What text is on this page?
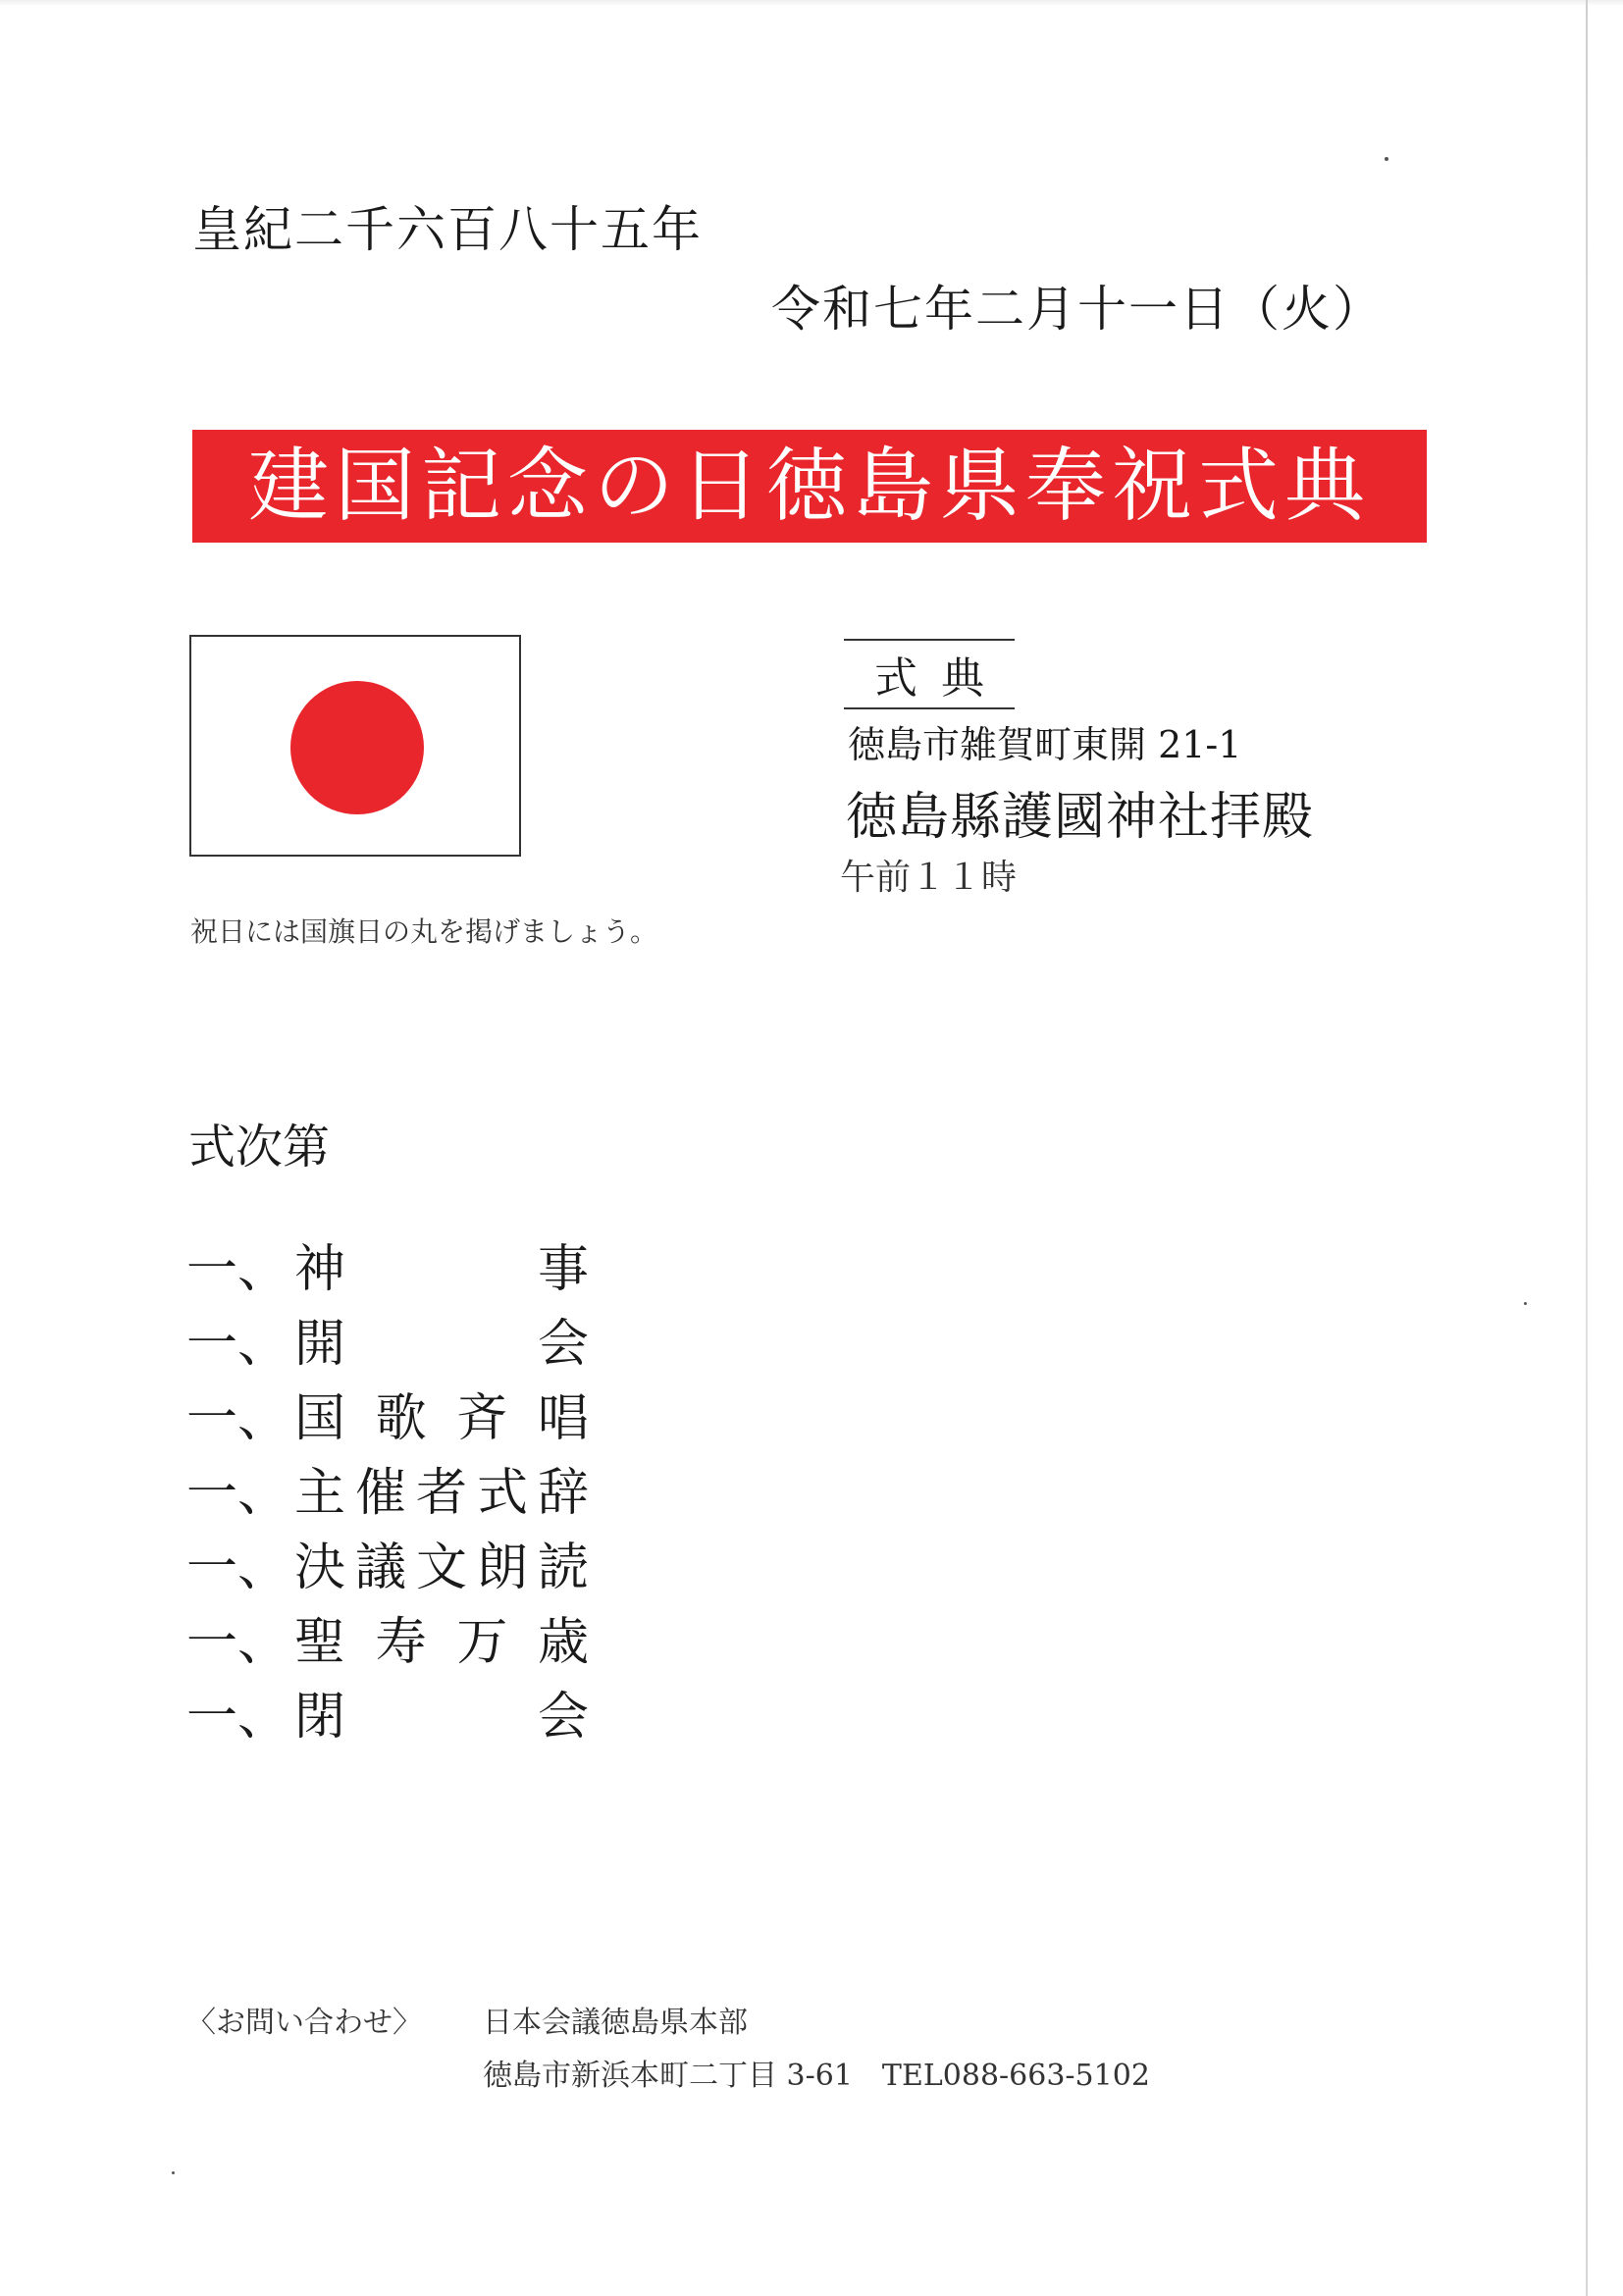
皇紀二千六百八十五年
令和七年二月十一日（火）
建国記念の日徳島県奉祝式典
祝日には国旗日の丸を掲げましょう。
式典
徳島市雑賀町東開 21-1
徳島縣護國神社拝殿
午前１１時
式次第
一、 神	事
一、 開	会
一、 国 歌 斉 唱
一、 主 催 者 式 辞
一、 決 議 文 朗 読
一、 聖 寿 万 歳
一、 閉	会
〈お問い合わせ〉 日本会議徳島県本部
徳島市新浜本町二丁目 3-61　TEL088-663-5102
